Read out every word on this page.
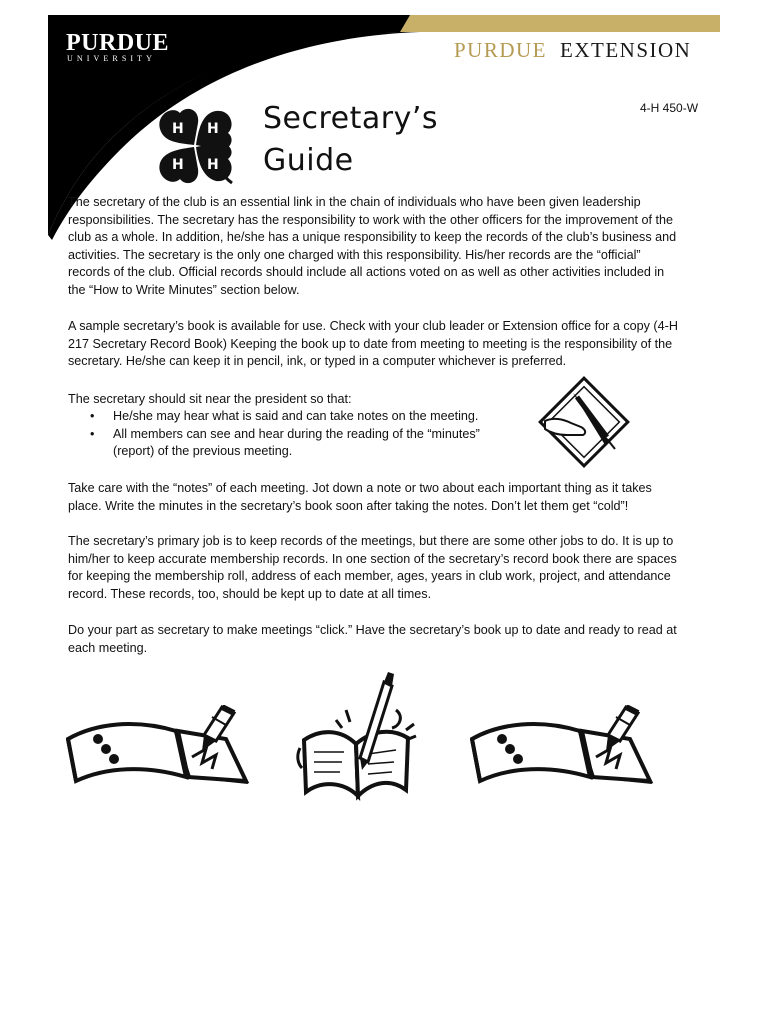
PURDUE
UNIVERSITY	PURDUE EXTENSION
H H
H H
Secretary’s
Guide
4-H 450-W

The secretary of the club is an essential link in the chain of individuals who have been given leadership responsibilities. The secretary has the responsibility to work with the other officers for the improvement of the club as a whole. In addition, he/she has a unique responsibility to keep the records of the club’s business and activities. The secretary is the only one charged with this responsibility. His/her records are the “official” records of the club. Official records should include all actions voted on as well as other activities included in the “How to Write Minutes” section below.

A sample secretary’s book is available for use. Check with your club leader or Extension office for a copy (4-H 217 Secretary Record Book) Keeping the book up to date from meeting to meeting is the responsibility of the secretary. He/she can keep it in pencil, ink, or typed in a computer whichever is preferred.

The secretary should sit near the president so that:

• He/she may hear what is said and can take notes on the meeting.
• All members can see and hear during the reading of the “minutes” (report) of the previous meeting.

Take care with the “notes” of each meeting. Jot down a note or two about each important thing as it takes place. Write the minutes in the secretary’s book soon after taking the notes. Don’t let them get “cold”!

The secretary’s primary job is to keep records of the meetings, but there are some other jobs to do. It is up to him/her to keep accurate membership records. In one section of the secretary’s record book there are spaces for keeping the membership roll, address of each member, ages, years in club work, project, and attendance record. These records, too, should be kept up to date at all times.

Do your part as secretary to make meetings “click.” Have the secretary’s book up to date and ready to read at each meeting.
